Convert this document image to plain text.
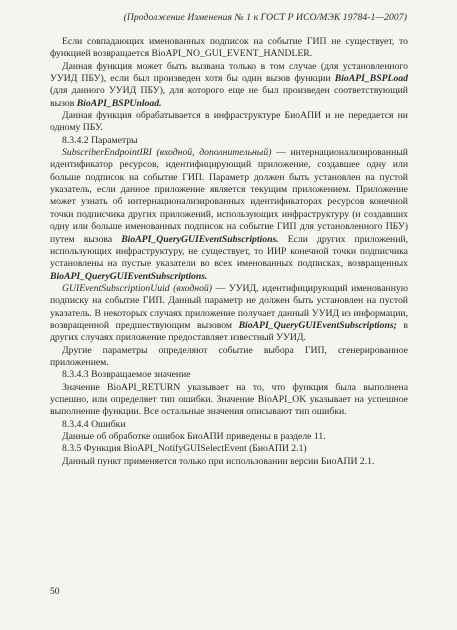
(Продолжение Изменения № 1 к ГОСТ Р ИСО/МЭК 19784-1—2007)

Если совпадающих именованных подписок на событие ГИП не существует, то функцией возвращается BioAPI_NO_GUI_EVENT_HANDLER.

Данная функция может быть вызвана только в том случае (для установленного УУИД ПБУ), если был произведен хотя бы один вызов функции BioAPI_BSPLoad (для данного УУИД ПБУ), для которого еще не был произведен соответствующий вызов BioAPI_BSPUnload.

Данная функция обрабатывается в инфраструктуре БиоАПИ и не передается ни одному ПБУ.

8.3.4.2 Параметры

SubscriberEndpointIRI (входной, дополнительный) — интернационализированный идентификатор ресурсов, идентифицирующий приложение, создавшее одну или больше подписок на событие ГИП. Параметр должен быть установлен на пустой указатель, если данное приложение является текущим приложением. Приложение может узнать об интернационализированных идентификаторах ресурсов конечной точки подписчика других приложений, использующих инфраструктуру (и создавших одну или больше именованных подписок на событие ГИП для установленного ПБУ) путем вызова BioAPI_QueryGUIEventSubscriptions. Если других приложений, использующих инфраструктуру, не существует, то ИИР конечной точки подписчика установлены на пустые указатели во всех именованных подписках, возвращенных BioAPI_QueryGUIEventSubscriptions.

GUIEventSubscriptionUuid (входной) — УУИД, идентифицирующий именованную подписку на событие ГИП. Данный параметр не должен быть установлен на пустой указатель. В некоторых случаях приложение получает данный УУИД из информации, возвращенной предшествующим вызовом BioAPI_QueryGUIEventSubscriptions; в других случаях приложение предоставляет известный УУИД.

Другие параметры определяют событие выбора ГИП, сгенерированное приложением.

8.3.4.3 Возвращаемое значение

Значение BioAPI_RETURN указывает на то, что функция была выполнена успешно, или определяет тип ошибки. Значение BioAPI_OK указывает на успешное выполнение функции. Все остальные значения описывают тип ошибки.

8.3.4.4 Ошибки

Данные об обработке ошибок БиоАПИ приведены в разделе 11.

8.3.5 Функция BioAPI_NotifyGUISelectEvent (БиоАПИ 2.1)

Данный пункт применяется только при использовании версии БиоАПИ 2.1.

50
